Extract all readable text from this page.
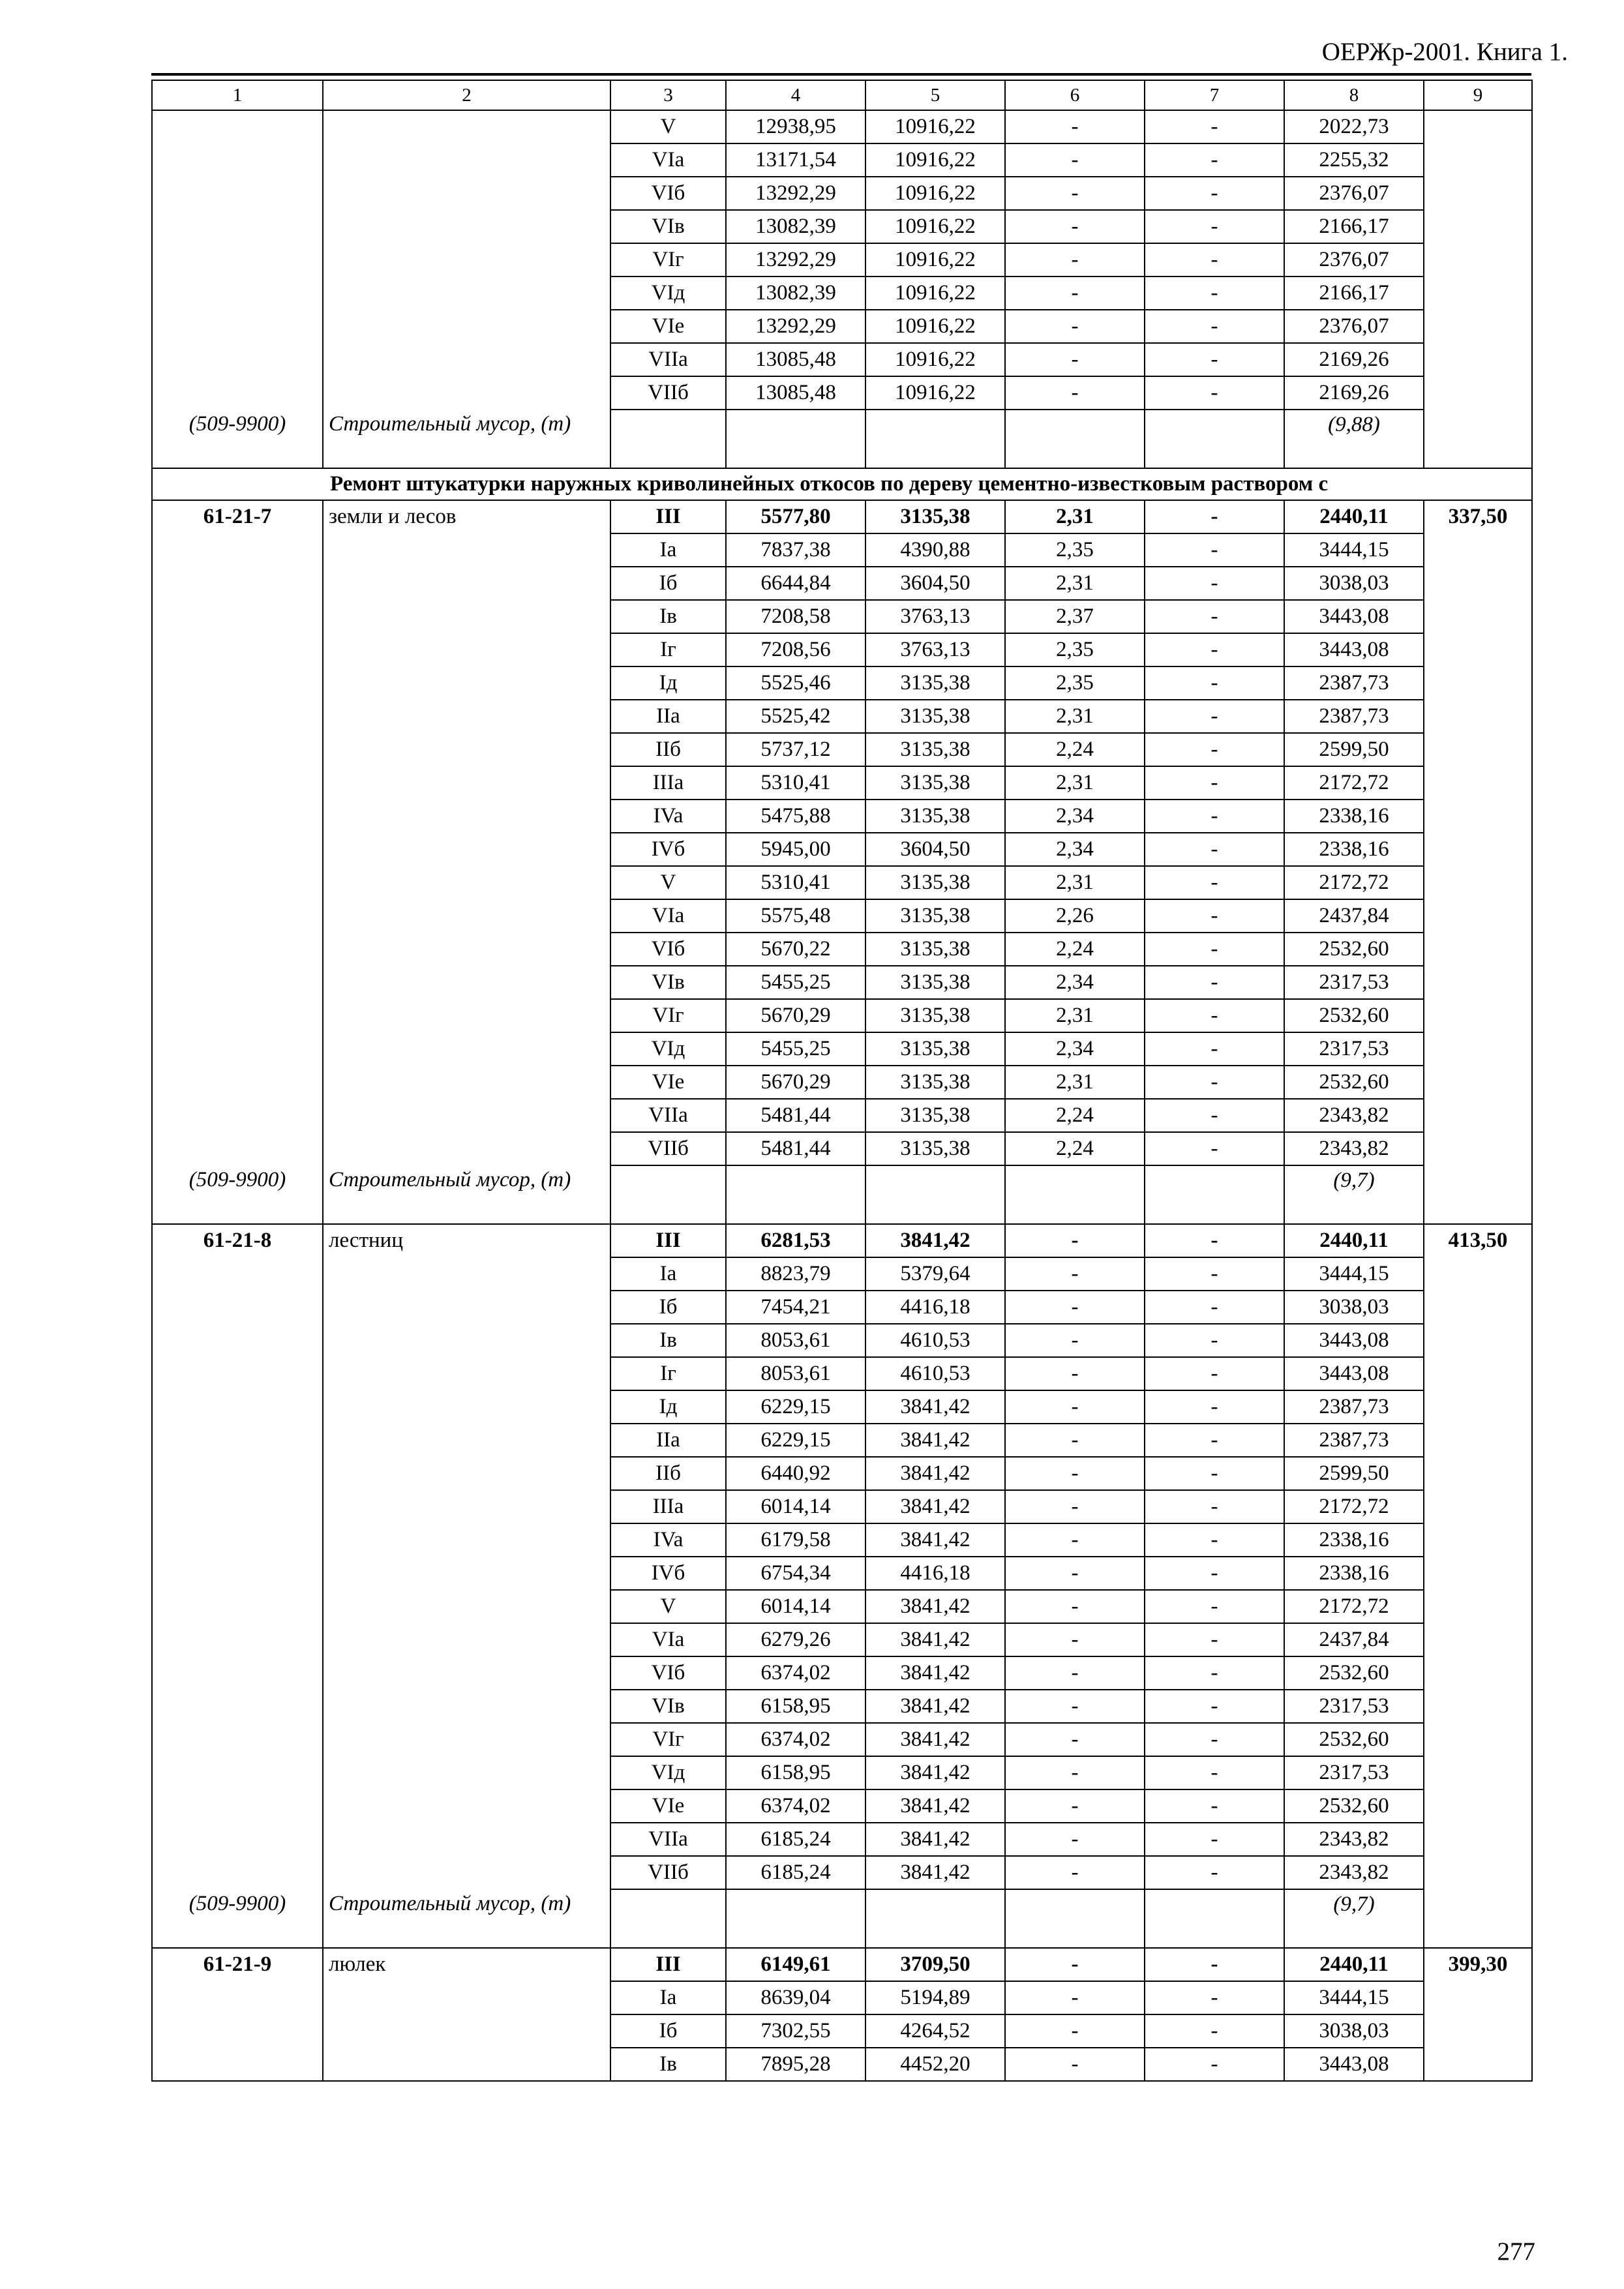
ОЕРЖр-2001. Книга 1.
1	2	3	4	5	6	7	8	9
		V	12938,95	10916,22	-	-	2022,73	
		VIa	13171,54	10916,22	-	-	2255,32	
		VIб	13292,29	10916,22	-	-	2376,07	
		VIв	13082,39	10916,22	-	-	2166,17	
		VIг	13292,29	10916,22	-	-	2376,07	
		VIд	13082,39	10916,22	-	-	2166,17	
		VIe	13292,29	10916,22	-	-	2376,07	
		VIIa	13085,48	10916,22	-	-	2169,26	
		VIIб	13085,48	10916,22	-	-	2169,26	
(509-9900)	Строительный мусор, (т)						(9,88)	
Ремонт штукатурки наружных криволинейных откосов по дереву цементно-известковым раствором с								
61-21-7	земли и лесов	III	5577,80	3135,38	2,31	-	2440,11	337,50
		Ia	7837,38	4390,88	2,35	-	3444,15	
		Iб	6644,84	3604,50	2,31	-	3038,03	
		Iв	7208,58	3763,13	2,37	-	3443,08	
		Iг	7208,56	3763,13	2,35	-	3443,08	
		Iд	5525,46	3135,38	2,35	-	2387,73	
		IIa	5525,42	3135,38	2,31	-	2387,73	
		IIб	5737,12	3135,38	2,24	-	2599,50	
		IIIa	5310,41	3135,38	2,31	-	2172,72	
		IVa	5475,88	3135,38	2,34	-	2338,16	
		IVб	5945,00	3604,50	2,34	-	2338,16	
		V	5310,41	3135,38	2,31	-	2172,72	
		VIa	5575,48	3135,38	2,26	-	2437,84	
		VIб	5670,22	3135,38	2,24	-	2532,60	
		VIв	5455,25	3135,38	2,34	-	2317,53	
		VIг	5670,29	3135,38	2,31	-	2532,60	
		VIд	5455,25	3135,38	2,34	-	2317,53	
		VIe	5670,29	3135,38	2,31	-	2532,60	
		VIIa	5481,44	3135,38	2,24	-	2343,82	
		VIIб	5481,44	3135,38	2,24	-	2343,82	
(509-9900)	Строительный мусор, (т)						(9,7)	
61-21-8	лестниц	III	6281,53	3841,42	-	-	2440,11	413,50
		Ia	8823,79	5379,64	-	-	3444,15	
		Iб	7454,21	4416,18	-	-	3038,03	
		Iв	8053,61	4610,53	-	-	3443,08	
		Iг	8053,61	4610,53	-	-	3443,08	
		Iд	6229,15	3841,42	-	-	2387,73	
		IIa	6229,15	3841,42	-	-	2387,73	
		IIб	6440,92	3841,42	-	-	2599,50	
		IIIa	6014,14	3841,42	-	-	2172,72	
		IVa	6179,58	3841,42	-	-	2338,16	
		IVб	6754,34	4416,18	-	-	2338,16	
		V	6014,14	3841,42	-	-	2172,72	
		VIa	6279,26	3841,42	-	-	2437,84	
		VIб	6374,02	3841,42	-	-	2532,60	
		VIв	6158,95	3841,42	-	-	2317,53	
		VIг	6374,02	3841,42	-	-	2532,60	
		VIд	6158,95	3841,42	-	-	2317,53	
		VIe	6374,02	3841,42	-	-	2532,60	
		VIIa	6185,24	3841,42	-	-	2343,82	
		VIIб	6185,24	3841,42	-	-	2343,82	
(509-9900)	Строительный мусор, (т)						(9,7)	
61-21-9	люлек	III	6149,61	3709,50	-	-	2440,11	399,30
		Ia	8639,04	5194,89	-	-	3444,15	
		Iб	7302,55	4264,52	-	-	3038,03	
		Iв	7895,28	4452,20	-	-	3443,08	
277
